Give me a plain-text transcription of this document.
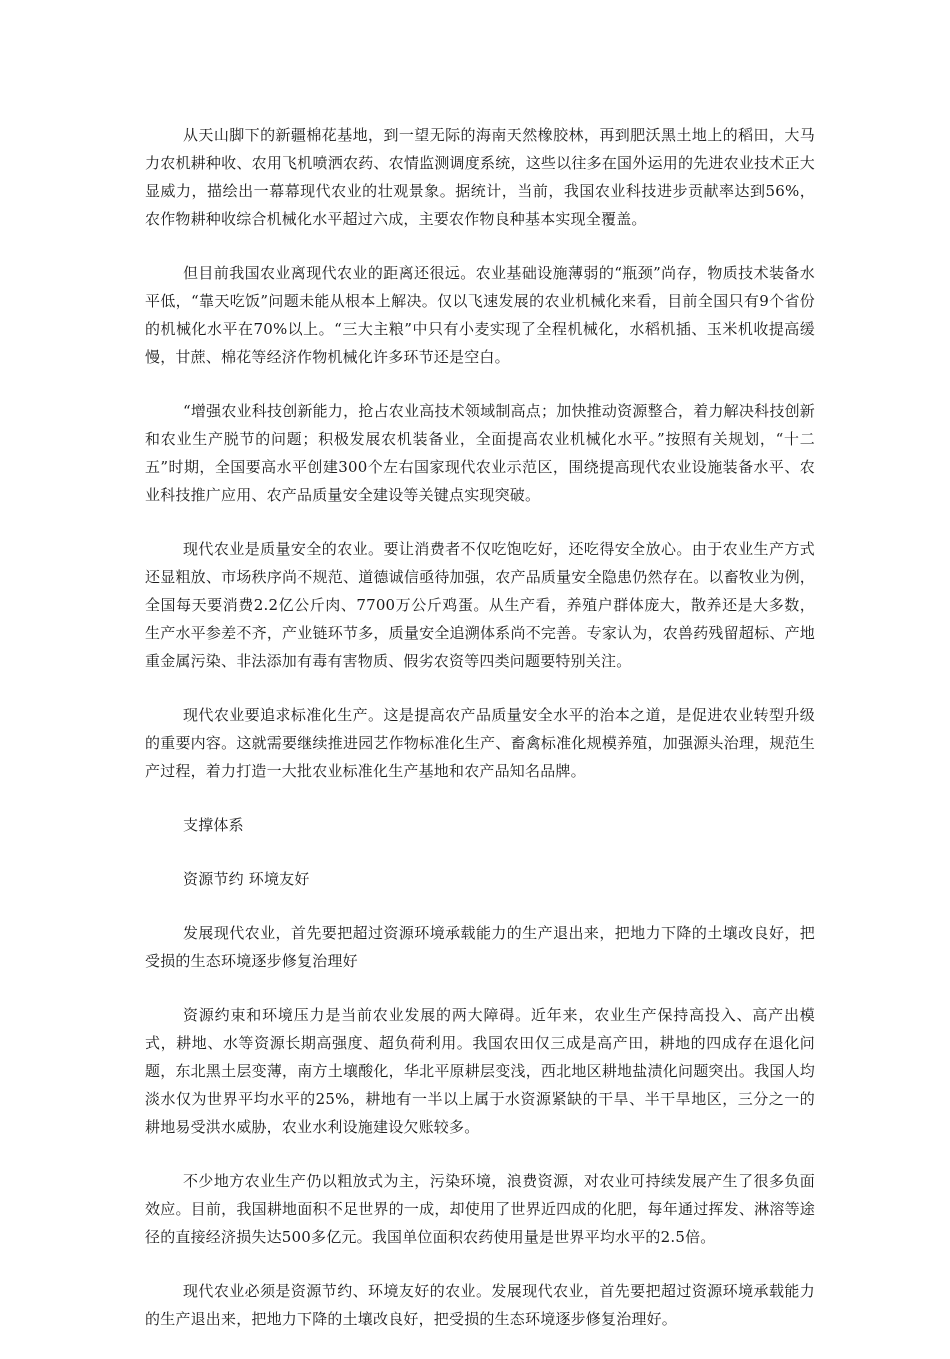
从天山脚下的新疆棉花基地，到一望无际的海南天然橡胶林，再到肥沃黑土地上的稻田，大马力农机耕种收、农用飞机喷洒农药、农情监测调度系统，这些以往多在国外运用的先进农业技术正大显威力，描绘出一幕幕现代农业的壮观景象。据统计，当前，我国农业科技进步贡献率达到56%，农作物耕种收综合机械化水平超过六成，主要农作物良种基本实现全覆盖。

但目前我国农业离现代农业的距离还很远。农业基础设施薄弱的“瓶颈”尚存，物质技术装备水平低，“靠天吃饭”问题未能从根本上解决。仅以飞速发展的农业机械化来看，目前全国只有9个省份的机械化水平在70%以上。“三大主粮”中只有小麦实现了全程机械化，水稻机插、玉米机收提高缓慢，甘蔗、棉花等经济作物机械化许多环节还是空白。

“增强农业科技创新能力，抢占农业高技术领域制高点；加快推动资源整合，着力解决科技创新和农业生产脱节的问题；积极发展农机装备业，全面提高农业机械化水平。”按照有关规划，“十二五”时期，全国要高水平创建300个左右国家现代农业示范区，围绕提高现代农业设施装备水平、农业科技推广应用、农产品质量安全建设等关键点实现突破。

现代农业是质量安全的农业。要让消费者不仅吃饱吃好，还吃得安全放心。由于农业生产方式还显粗放、市场秩序尚不规范、道德诚信亟待加强，农产品质量安全隐患仍然存在。以畜牧业为例，全国每天要消费2.2亿公斤肉、7700万公斤鸡蛋。从生产看，养殖户群体庞大，散养还是大多数，生产水平参差不齐，产业链环节多，质量安全追溯体系尚不完善。专家认为，农兽药残留超标、产地重金属污染、非法添加有毒有害物质、假劣农资等四类问题要特别关注。

现代农业要追求标准化生产。这是提高农产品质量安全水平的治本之道，是促进农业转型升级的重要内容。这就需要继续推进园艺作物标准化生产、畜禽标准化规模养殖，加强源头治理，规范生产过程，着力打造一大批农业标准化生产基地和农产品知名品牌。

支撑体系

资源节约 环境友好

发展现代农业，首先要把超过资源环境承载能力的生产退出来，把地力下降的土壤改良好，把受损的生态环境逐步修复治理好

资源约束和环境压力是当前农业发展的两大障碍。近年来，农业生产保持高投入、高产出模式，耕地、水等资源长期高强度、超负荷利用。我国农田仅三成是高产田，耕地的四成存在退化问题，东北黑土层变薄，南方土壤酸化，华北平原耕层变浅，西北地区耕地盐渍化问题突出。我国人均淡水仅为世界平均水平的25%，耕地有一半以上属于水资源紧缺的干旱、半干旱地区，三分之一的耕地易受洪水威胁，农业水利设施建设欠账较多。

不少地方农业生产仍以粗放式为主，污染环境，浪费资源，对农业可持续发展产生了很多负面效应。目前，我国耕地面积不足世界的一成，却使用了世界近四成的化肥，每年通过挥发、淋溶等途径的直接经济损失达500多亿元。我国单位面积农药使用量是世界平均水平的2.5倍。

现代农业必须是资源节约、环境友好的农业。发展现代农业，首先要把超过资源环境承载能力的生产退出来，把地力下降的土壤改良好，把受损的生态环境逐步修复治理好。
